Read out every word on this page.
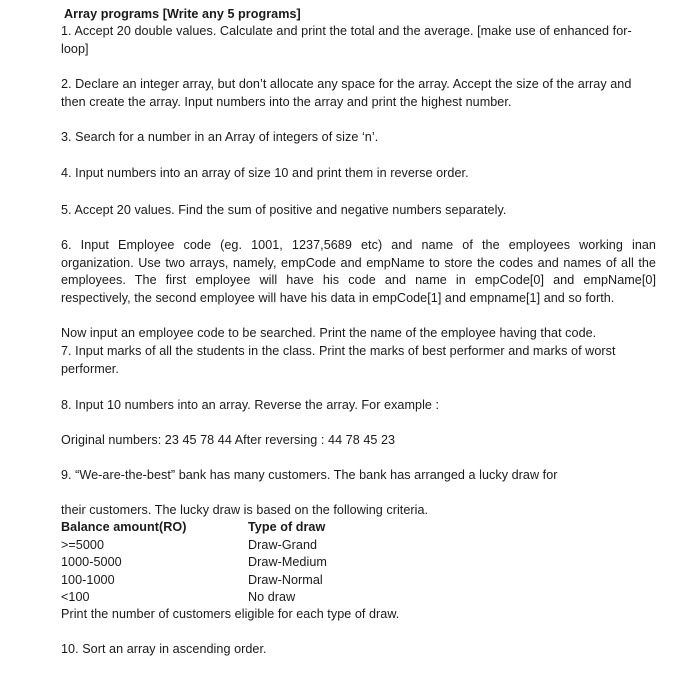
Array programs [Write any 5 programs]
1. Accept 20 double values. Calculate and print the total and the average. [make use of enhanced for-
loop]
2. Declare an integer array, but don’t allocate any space for the array. Accept the size of the array and
then create the array. Input numbers into the array and print the highest number.
3. Search for a number in an Array of integers of size ‘n’.
4. Input numbers into an array of size 10 and print them in reverse order.
5. Accept 20 values. Find the sum of positive and negative numbers separately.
6. Input Employee code (eg. 1001, 1237,5689 etc) and name of the employees working inan
organization. Use two arrays, namely, empCode and empName to store the codes and names of all the
employees. The first employee will have his code and name in empCode[0] and empName[0]
respectively, the second employee will have his data in empCode[1] and empname[1] and so forth.
Now input an employee code to be searched. Print the name of the employee having that code.
7. Input marks of all the students in the class. Print the marks of best performer and marks of worst
performer.
8. Input 10 numbers into an array. Reverse the array. For example :
Original numbers: 23 45 78 44 After reversing : 44 78 45 23
9. “We-are-the-best” bank has many customers. The bank has arranged a lucky draw for
their customers. The lucky draw is based on the following criteria.
Balance amount(RO)	Type of draw
>=5000	Draw-Grand
1000-5000	Draw-Medium
100-1000	Draw-Normal
<100	No draw
Print the number of customers eligible for each type of draw.
10. Sort an array in ascending order.
